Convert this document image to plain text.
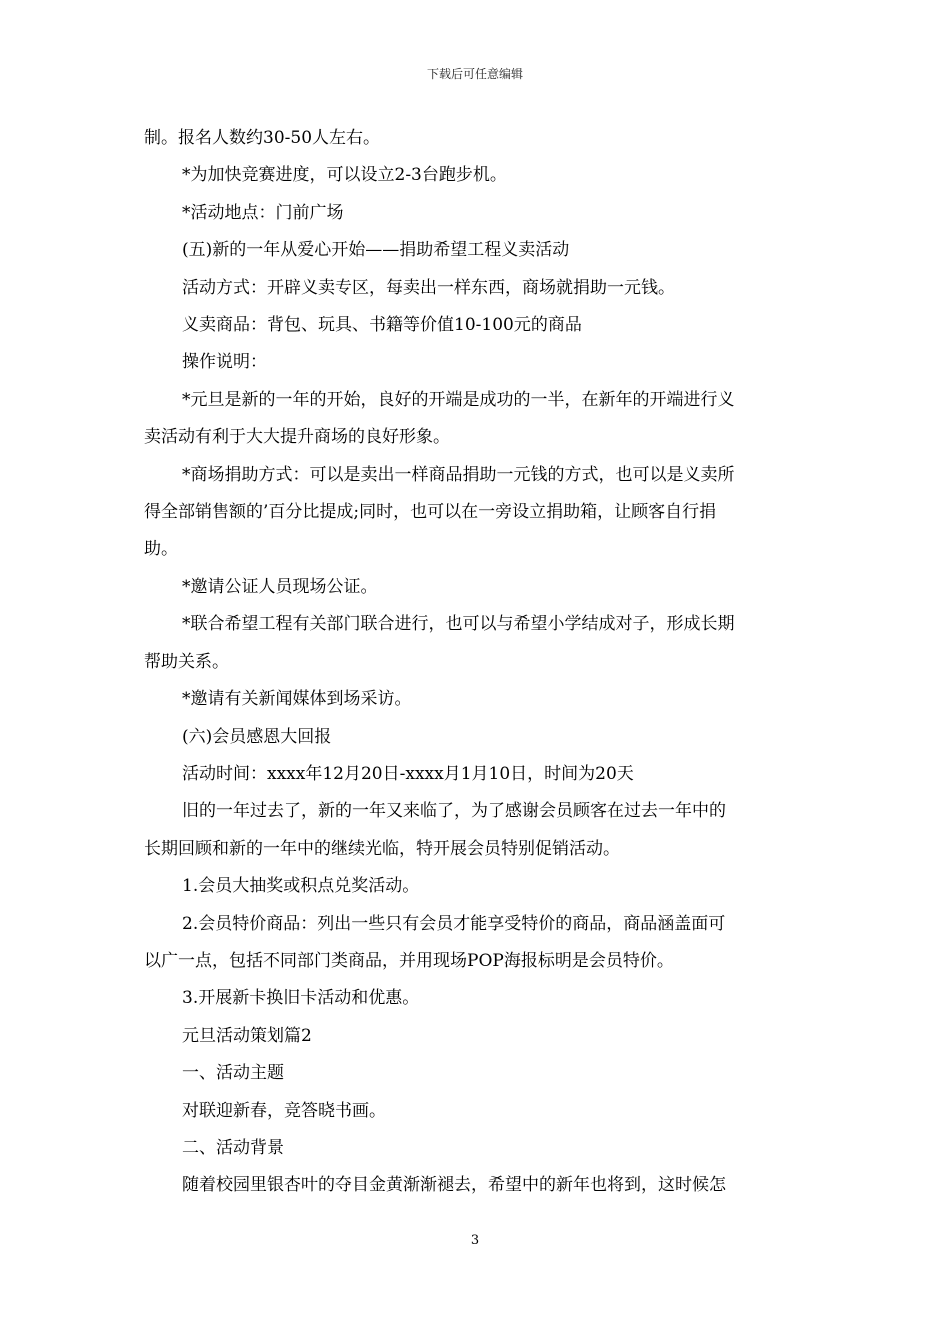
下载后可任意编辑

制。报名人数约30-50人左右。

*为加快竞赛进度，可以设立2-3台跑步机。

*活动地点：门前广场

(五)新的一年从爱心开始——捐助希望工程义卖活动

活动方式：开辟义卖专区，每卖出一样东西，商场就捐助一元钱。

义卖商品：背包、玩具、书籍等价值10-100元的商品

操作说明：

*元旦是新的一年的开始，良好的开端是成功的一半，在新年的开端进行义

卖活动有利于大大提升商场的良好形象。

*商场捐助方式：可以是卖出一样商品捐助一元钱的方式，也可以是义卖所

得全部销售额的’百分比提成;同时，也可以在一旁设立捐助箱，让顾客自行捐

助。

*邀请公证人员现场公证。

*联合希望工程有关部门联合进行，也可以与希望小学结成对子，形成长期

帮助关系。

*邀请有关新闻媒体到场采访。

(六)会员感恩大回报

活动时间：xxxx年12月20日-xxxx月1月10日，时间为20天

旧的一年过去了，新的一年又来临了，为了感谢会员顾客在过去一年中的

长期回顾和新的一年中的继续光临，特开展会员特别促销活动。

1.会员大抽奖或积点兑奖活动。

2.会员特价商品：列出一些只有会员才能享受特价的商品，商品涵盖面可

以广一点，包括不同部门类商品，并用现场POP海报标明是会员特价。

3.开展新卡换旧卡活动和优惠。

元旦活动策划篇2

一、活动主题

对联迎新春，竞答晓书画。

二、活动背景

随着校园里银杏叶的夺目金黄渐渐褪去，希望中的新年也将到，这时候怎

3
